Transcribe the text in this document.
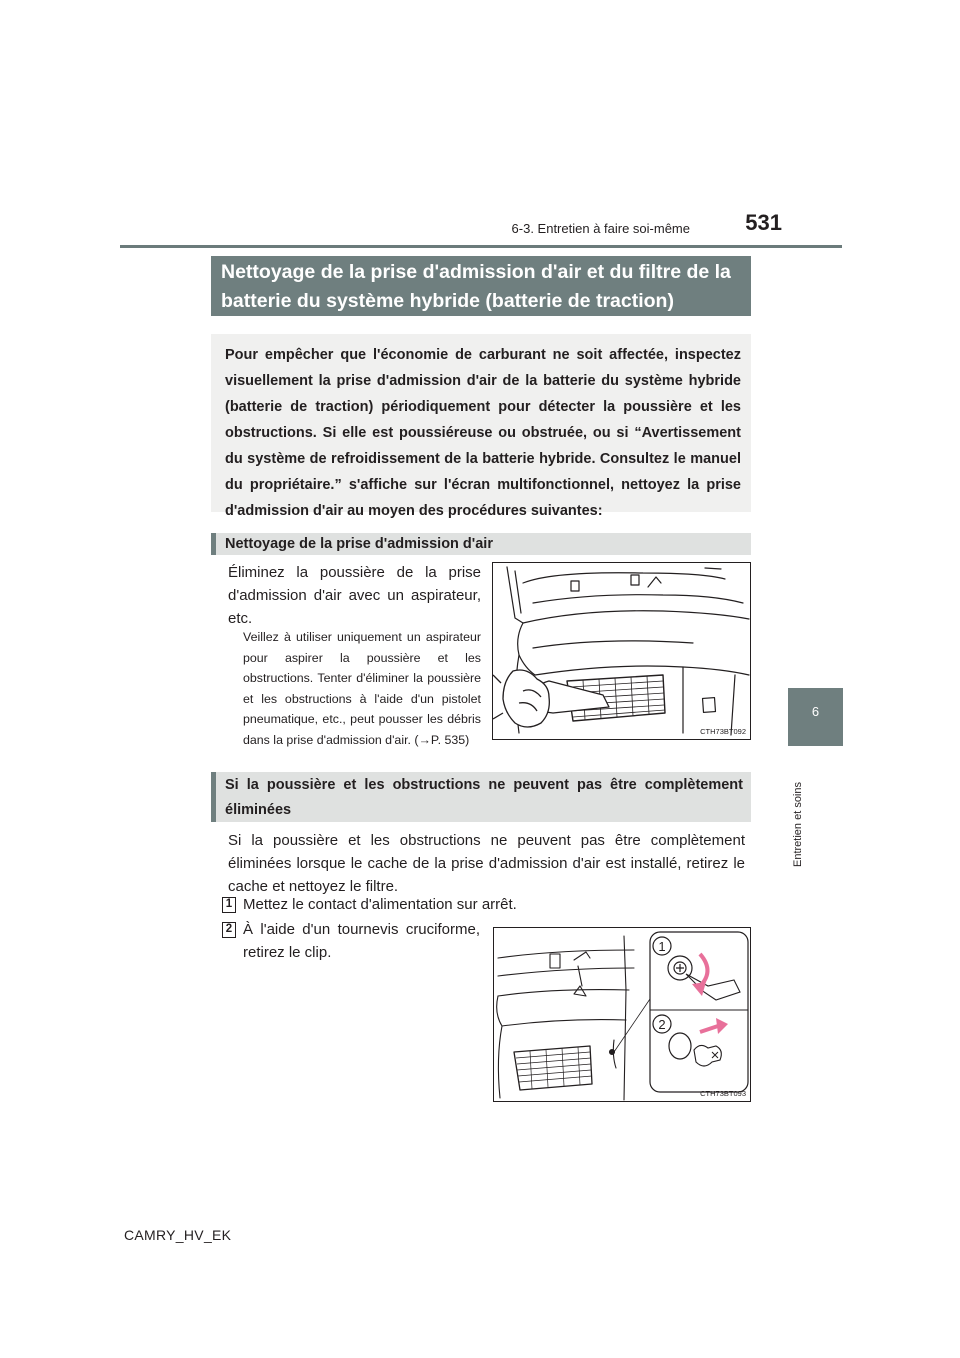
6-3. Entretien à faire soi-même	531
6
Entretien et soins
Nettoyage de la prise d'admission d'air et du filtre de la batterie du système hybride (batterie de traction)
Pour empêcher que l'économie de carburant ne soit affectée, inspectez visuellement la prise d'admission d'air de la batterie du système hybride (batterie de traction) périodiquement pour détecter la poussière et les obstructions. Si elle est poussiéreuse ou obstruée, ou si “Avertissement du système de refroidissement de la batterie hybride. Consultez le manuel du propriétaire.” s'affiche sur l'écran multifonctionnel, nettoyez la prise d'admission d'air au moyen des procédures suivantes:
Nettoyage de la prise d'admission d'air
Éliminez la poussière de la prise d'admission d'air avec un aspirateur, etc.
Veillez à utiliser uniquement un aspirateur pour aspirer la poussière et les obstructions. Tenter d'éliminer la poussière et les obstructions à l'aide d'un pistolet pneumatique, etc., peut pousser les débris dans la prise d'admission d'air. (→P. 535)
CTH73BT092
Si la poussière et les obstructions ne peuvent pas être complètement éliminées
Si la poussière et les obstructions ne peuvent pas être complètement éliminées lorsque le cache de la prise d'admission d'air est installé, retirez le cache et nettoyez le filtre.
1 Mettez le contact d'alimentation sur arrêt.
2 À l'aide d'un tournevis cruciforme, retirez le clip.	1
2
CTH73BT093
CAMRY_HV_EK
